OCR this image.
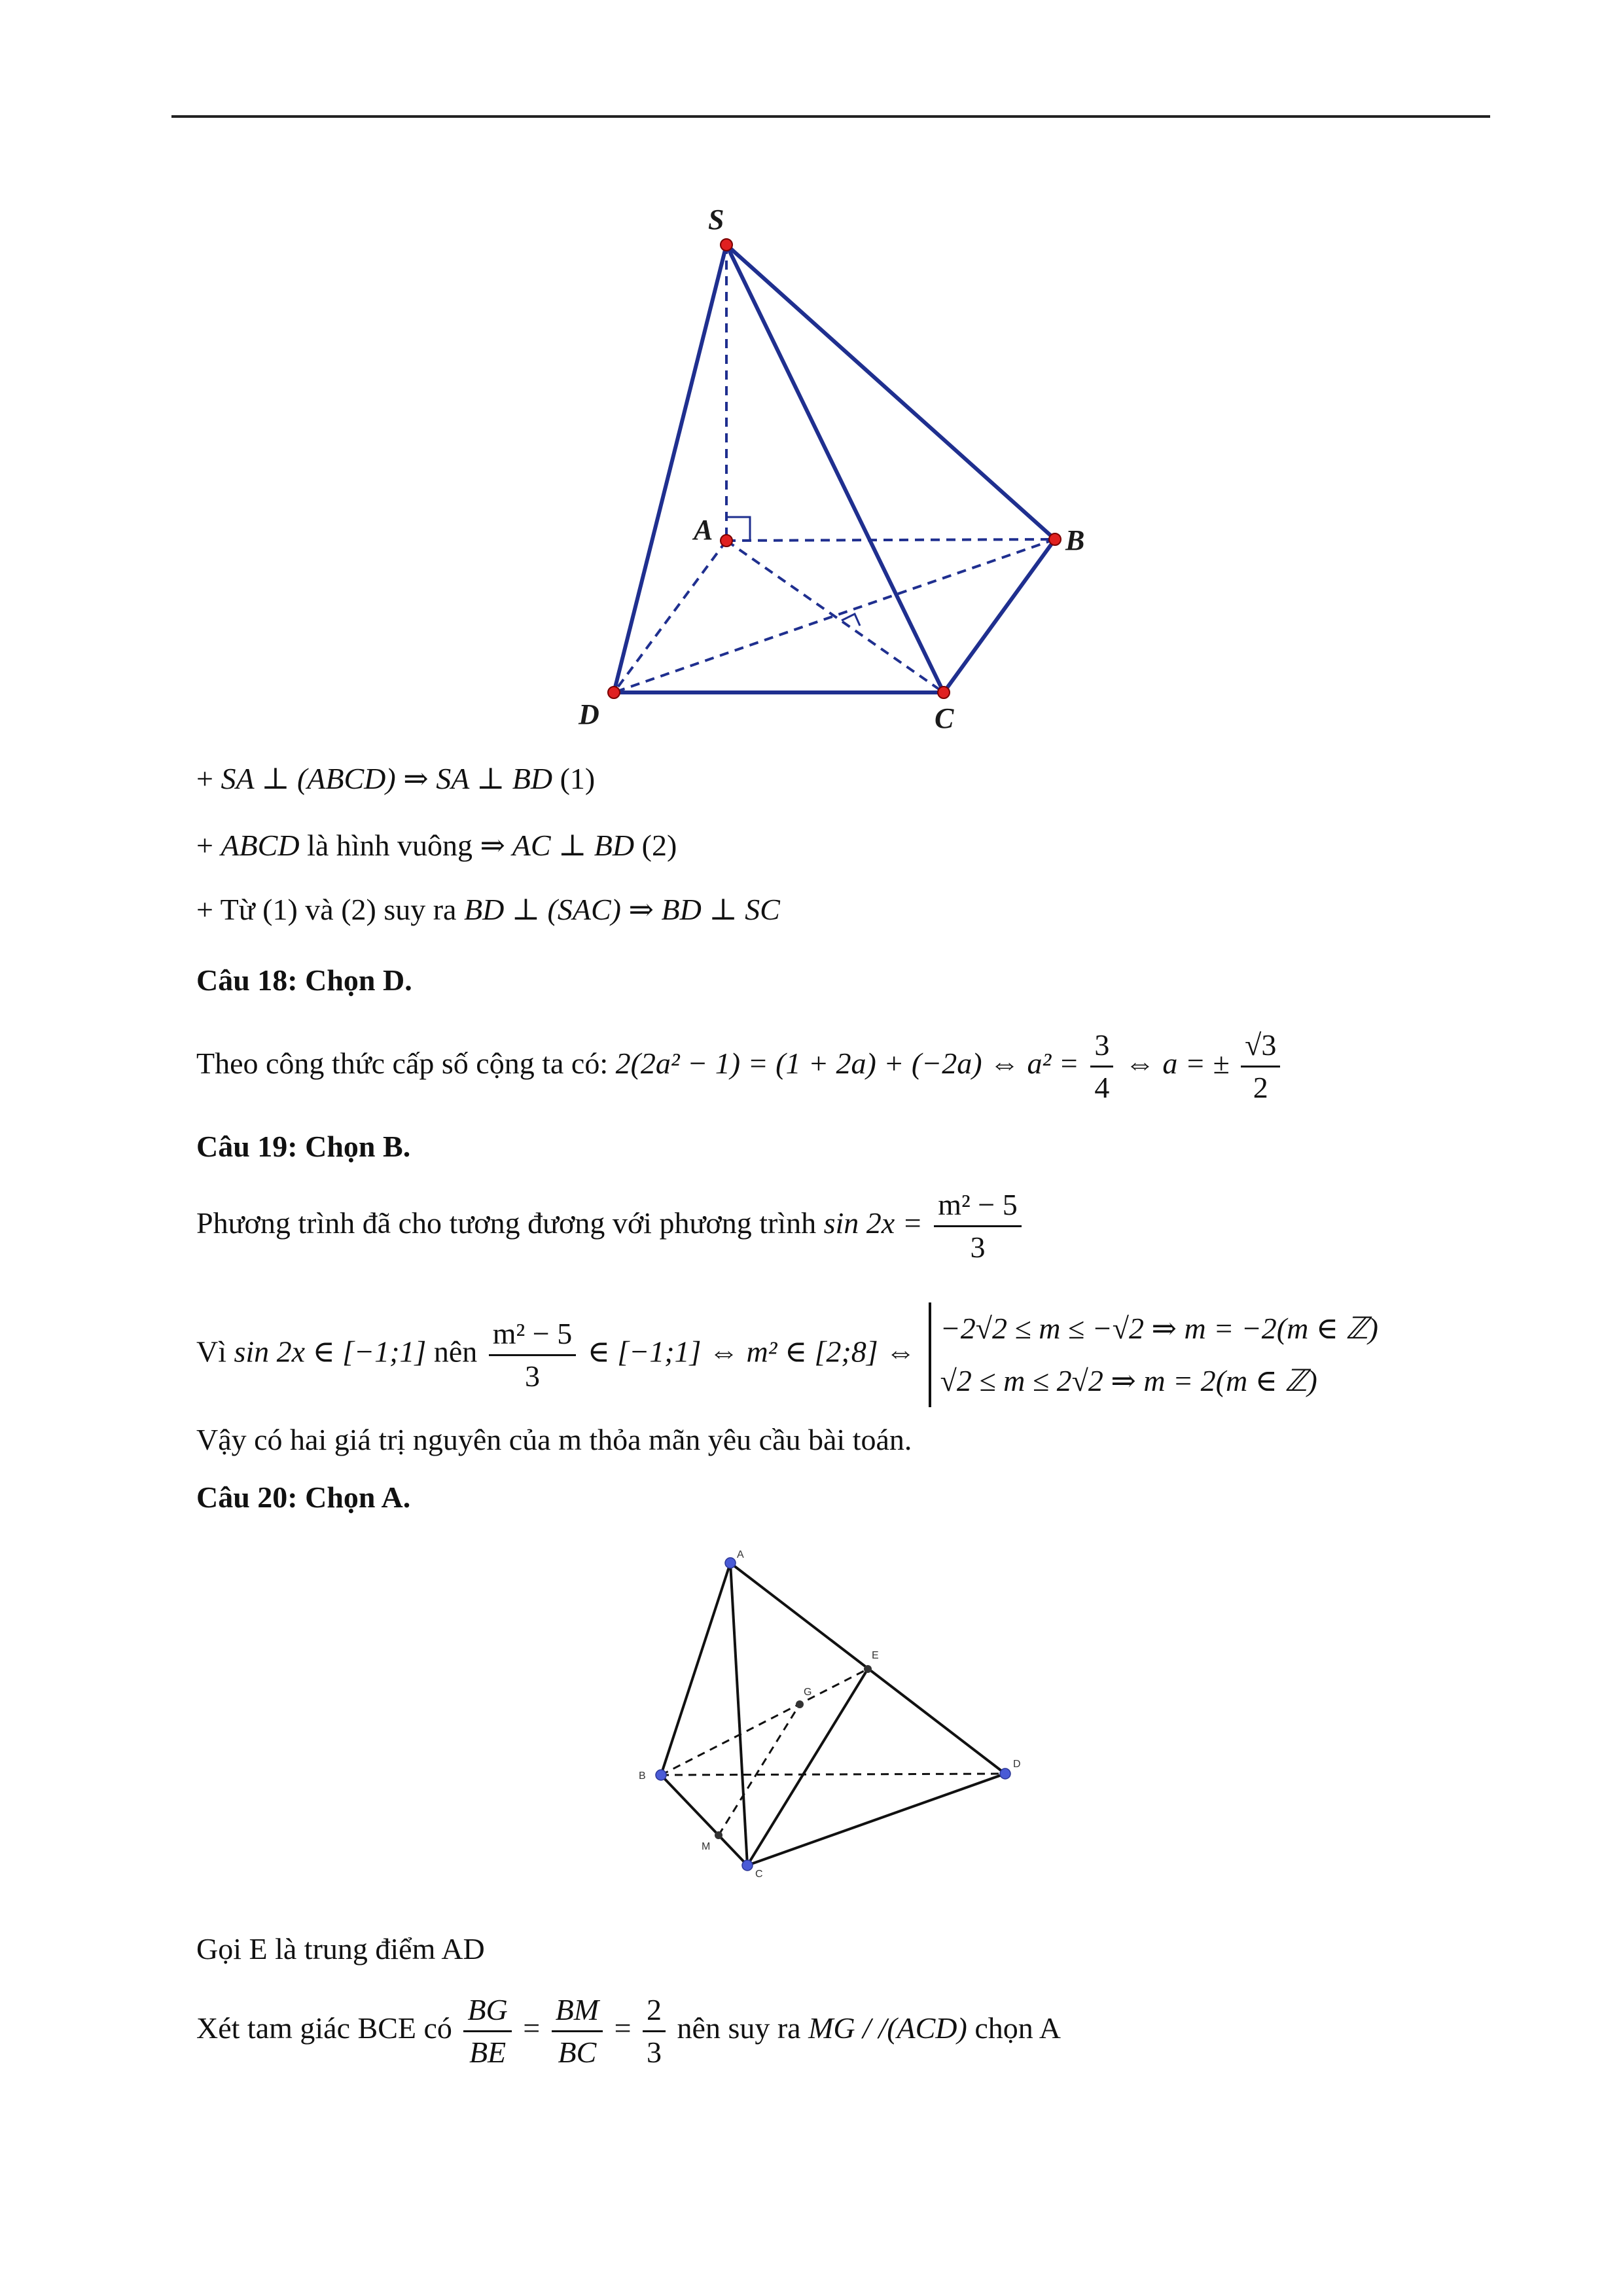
S
A	B
C
D
+ SA ⊥ (ABCD) ⇒ SA ⊥ BD (1)
+ ABCD là hình vuông ⇒ AC ⊥ BD (2)
+ Từ (1) và (2) suy ra BD ⊥ (SAC) ⇒ BD ⊥ SC
Câu 18: Chọn D.
Theo công thức cấp số cộng ta có: 2(2a² − 1) = (1 + 2a) + (−2a) ⇔ $a^2 = \frac{3}{4}$ ⇔ a = ± $\frac{√3}{2}$
Câu 19: Chọn B.
Phương trình đã cho tương đương với phương trình $\sin 2x = \frac{\text{m² − 5}}{3}$
Vì sin 2x ∈ [−1;1] nên $\frac{\text{m² − 5}}{3}$ ∈ [−1;1] ⇔ m² ∈ [2;8] ⇔
−2√2 ≤ m ≤ −√2 ⇒ m = −2(m ∈ ℤ)
√2 ≤ m ≤ 2√2 ⇒ m = 2(m ∈ ℤ)
Vậy có hai giá trị nguyên của m thỏa mãn yêu cầu bài toán.
Câu 20: Chọn A.
A
B
C
D
E
G
M
Gọi E là trung điểm AD
Xét tam giác BCE có $\frac{BG}{BE} = \frac{BM}{BC} = \frac{2}{3}$ nên suy ra MG / /(ACD) chọn A
